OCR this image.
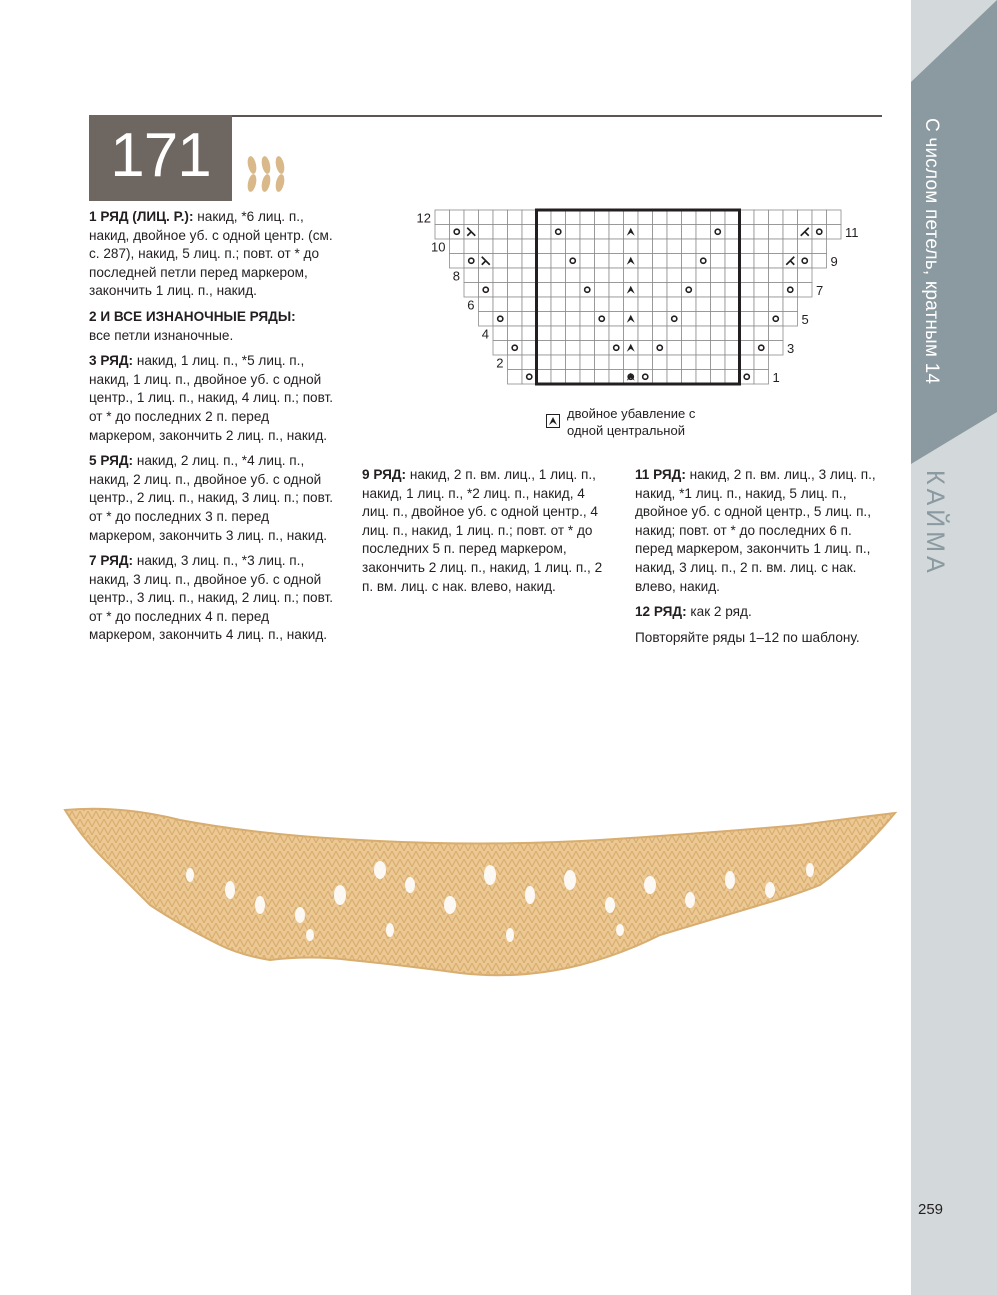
С числом петель, кратным 14
КАЙМА
171

1 РЯД (ЛИЦ. Р.): накид, *6 лиц. п., накид, двойное уб. с одной центр. (см. с. 287), накид, 5 лиц. п.; повт. от * до последней петли перед маркером, закончить 1 лиц. п., накид.

2 И ВСЕ ИЗНАНОЧНЫЕ РЯДЫ:
все петли изнаночные.

3 РЯД: накид, 1 лиц. п., *5 лиц. п., накид, 1 лиц. п., двойное уб. с одной центр., 1 лиц. п., накид, 4 лиц. п.; повт. от * до последних 2 п. перед маркером, закончить 2 лиц. п., накид.

5 РЯД: накид, 2 лиц. п., *4 лиц. п., накид, 2 лиц. п., двойное уб. с одной центр., 2 лиц. п., накид, 3 лиц. п.; повт. от * до последних 3 п. перед маркером, закончить 3 лиц. п., накид.

7 РЯД: накид, 3 лиц. п., *3 лиц. п., накид, 3 лиц. п., двойное уб. с одной центр., 3 лиц. п., накид, 2 лиц. п.; повт. от * до последних 4 п. перед маркером, закончить 4 лиц. п., накид.

9 РЯД: накид, 2 п. вм. лиц., 1 лиц. п., накид, 1 лиц. п., *2 лиц. п., накид, 4 лиц. п., двойное уб. с одной центр., 4 лиц. п., накид, 1 лиц. п.; повт. от * до последних 5 п. перед маркером, закончить 2 лиц. п., накид, 1 лиц. п., 2 п. вм. лиц. с нак. влево, накид.

11 РЯД: накид, 2 п. вм. лиц., 3 лиц. п., накид, *1 лиц. п., накид, 5 лиц. п., двойное уб. с одной центр., 5 лиц. п., накид; повт. от * до последних 6 п. перед маркером, закончить 1 лиц. п., накид, 3 лиц. п., 2 п. вм. лиц. с нак. влево, накид.

12 РЯД: как 2 ряд.

Повторяйте ряды 1–12 по шаблону.

12
10
8
6
4
2
11
9
7
5
3
1
двойное убавление с одной центральной
259
